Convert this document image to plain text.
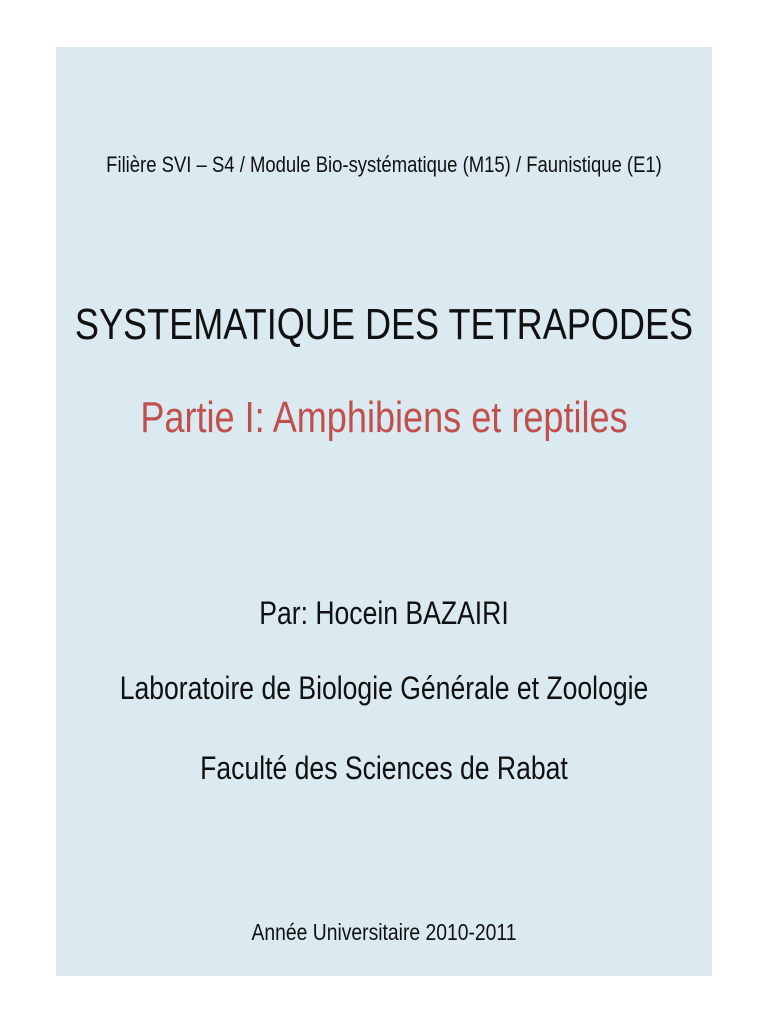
Filière SVI – S4 / Module Bio-systématique (M15) / Faunistique (E1)
SYSTEMATIQUE DES TETRAPODES
Partie I: Amphibiens et reptiles
Par: Hocein BAZAIRI
Laboratoire de Biologie Générale et Zoologie
Faculté des Sciences de Rabat
Année Universitaire 2010-2011
